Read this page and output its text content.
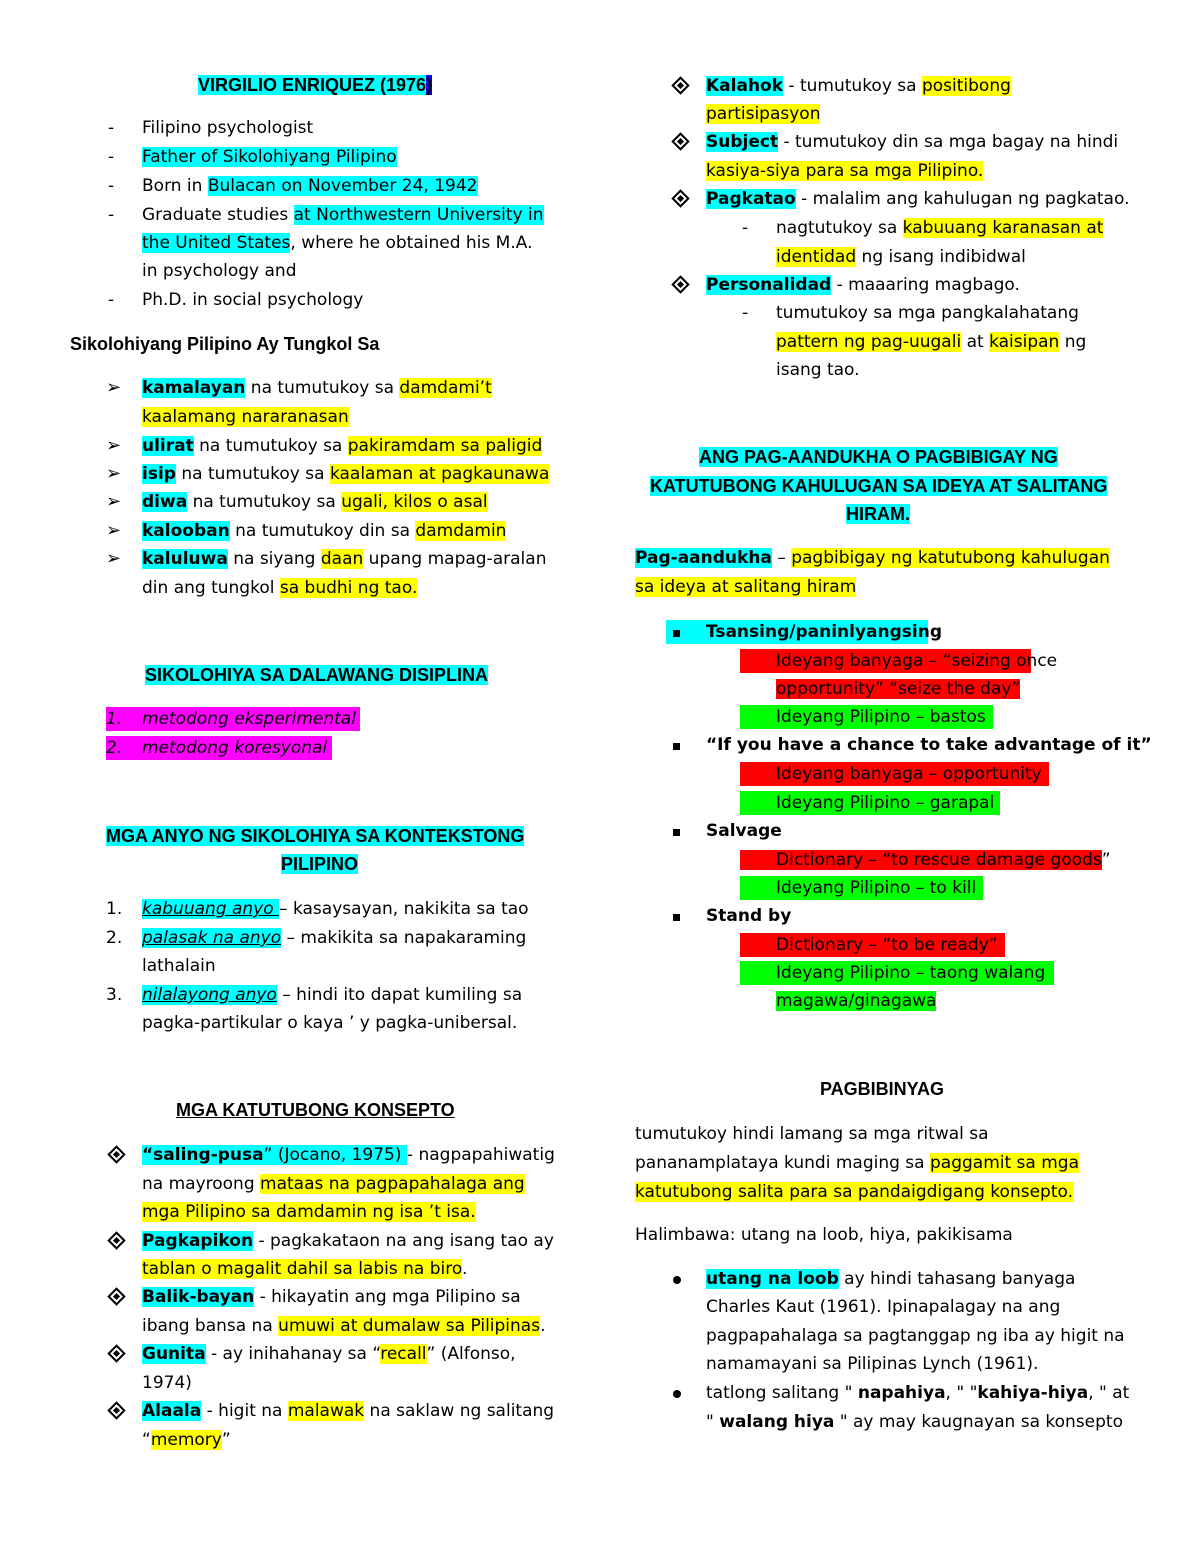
VIRGILIO ENRIQUEZ (1976)
- Filipino psychologist
- Father of Sikolohiyang Pilipino
- Born in Bulacan on November 24, 1942
- Graduate studies at Northwestern University in
the United States, where he obtained his M.A.
in psychology and
- Ph.D. in social psychology
Sikolohiyang Pilipino Ay Tungkol Sa
➢ kamalayan na tumutukoy sa damdami’t
kaalamang nararanasan
➢ ulirat na tumutukoy sa pakiramdam sa paligid
➢ isip na tumutukoy sa kaalaman at pagkaunawa
➢ diwa na tumutukoy sa ugali, kilos o asal
➢ kalooban na tumutukoy din sa damdamin
➢ kaluluwa na siyang daan upang mapag-aralan
din ang tungkol sa budhi ng tao.
SIKOLOHIYA SA DALAWANG DISIPLINA
1. metodong eksperimental
2. metodong koresyonal
MGA ANYO NG SIKOLOHIYA SA KONTEKSTONG
PILIPINO
1. kabuuang anyo – kasaysayan, nakikita sa tao
2. palasak na anyo – makikita sa napakaraming
lathalain
3. nilalayong anyo – hindi ito dapat kumiling sa
pagka-partikular o kaya ’ y pagka-unibersal.
MGA KATUTUBONG KONSEPTO
“saling-pusa” (Jocano, 1975) - nagpapahiwatig
na mayroong mataas na pagpapahalaga ang
mga Pilipino sa damdamin ng isa ’t isa.
Pagkapikon - pagkakataon na ang isang tao ay
tablan o magalit dahil sa labis na biro.
Balik-bayan - hikayatin ang mga Pilipino sa
ibang bansa na umuwi at dumalaw sa Pilipinas.
Gunita - ay inihahanay sa “recall” (Alfonso,
1974)
Alaala - higit na malawak na saklaw ng salitang
“memory”
Kalahok - tumutukoy sa positibong
partisipasyon
Subject - tumutukoy din sa mga bagay na hindi
kasiya-siya para sa mga Pilipino.
Pagkatao - malalim ang kahulugan ng pagkatao.
- nagtutukoy sa kabuuang karanasan at
identidad ng isang indibidwal
Personalidad - maaaring magbago.
- tumutukoy sa mga pangkalahatang
pattern ng pag-uugali at kaisipan ng
isang tao.
ANG PAG-AANDUKHA O PAGBIBIGAY NG
KATUTUBONG KAHULUGAN SA IDEYA AT SALITANG
HIRAM.
Pag-aandukha – pagbibigay ng katutubong kahulugan
sa ideya at salitang hiram
Tsansing/paninlyangsing
Ideyang banyaga – “seizing once
opportunity” “seize the day”
Ideyang Pilipino – bastos
“If you have a chance to take advantage of it”
Ideyang banyaga – opportunity
Ideyang Pilipino – garapal
Salvage
Dictionary – “to rescue damage goods”
Ideyang Pilipino – to kill
Stand by
Dictionary – “to be ready”
Ideyang Pilipino – taong walang
magawa/ginagawa
PAGBIBINYAG
tumutukoy hindi lamang sa mga ritwal sa
pananamplataya kundi maging sa paggamit sa mga
katutubong salita para sa pandaigdigang konsepto.
Halimbawa: utang na loob, hiya, pakikisama
utang na loob ay hindi tahasang banyaga
Charles Kaut (1961). Ipinapalagay na ang
pagpapahalaga sa pagtanggap ng iba ay higit na
namamayani sa Pilipinas Lynch (1961).
tatlong salitang " napahiya, " "kahiya-hiya, " at
" walang hiya " ay may kaugnayan sa konsepto
